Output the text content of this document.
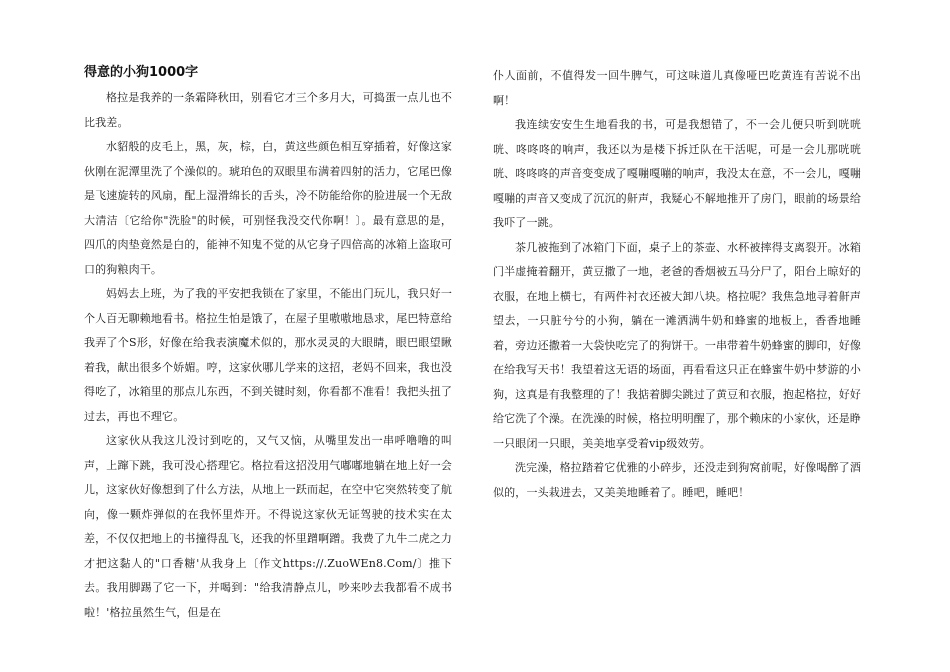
得意的小狗1000字

格拉是我养的一条霜降秋田，别看它才三个多月大，可捣蛋一点儿也不比我差。

水貂般的皮毛上，黑，灰，棕，白，黄这些颜色相互穿插着，好像这家伙刚在泥潭里洗了个澡似的。琥珀色的双眼里布满着四射的活力，它尾巴像是飞速旋转的风扇，配上湿滑绵长的舌头，冷不防能给你的脸进展一个无敌大清洁〔它给你"洗脸"的时候，可别怪我没交代你啊！〕。最有意思的是，四爪的肉垫竟然是白的，能神不知鬼不觉的从它身子四倍高的冰箱上盗取可口的狗粮肉干。

妈妈去上班，为了我的平安把我锁在了家里，不能出门玩儿，我只好一个人百无聊赖地看书。格拉生怕是饿了，在屋子里嗷嗷地恳求，尾巴特意给我弄了个S形，好像在给我表演魔术似的，那水灵灵的大眼睛，眼巴眼望瞅着我，献出很多个娇媚。哼，这家伙哪儿学来的这招，老妈不回来，我也没得吃了，冰箱里的那点儿东西，不到关键时刻，你看都不准看！我把头扭了过去，再也不理它。

这家伙从我这儿没讨到吃的，又气又恼，从嘴里发出一串呼噜噜的叫声，上蹿下跳，我可没心搭理它。格拉看这招没用气嘟嘟地躺在地上好一会儿，这家伙好像想到了什么方法，从地上一跃而起，在空中它突然转变了航向，像一颗炸弹似的在我怀里炸开。不得说这家伙无证驾驶的技术实在太差，不仅仅把地上的书撞得乱飞，还我的怀里蹭啊蹭。我费了九牛二虎之力才把这黏人的"口香糖'从我身上〔作文https://.ZuoWEn8.Com/〕推下去。我用脚踢了它一下，并喝到："给我清静点儿，吵来吵去我都看不成书啦！'格拉虽然生气，但是在

仆人面前，不值得发一回牛脾气，可这味道儿真像哑巴吃黄连有苦说不出啊！

我连续安安生生地看我的书，可是我想错了，不一会儿便只听到咣咣咣、咚咚咚的响声，我还以为是楼下拆迁队在干活呢，可是一会儿那咣咣咣、咚咚咚的声音变变成了嘎嘣嘎嘣的响声，我没太在意，不一会儿，嘎嘣嘎嘣的声音又变成了沉沉的鼾声，我疑心不解地推开了房门，眼前的场景给我吓了一跳。

茶几被拖到了冰箱门下面，桌子上的茶壶、水杯被摔得支离裂开。冰箱门半虚掩着翻开，黄豆撒了一地，老爸的香烟被五马分尸了，阳台上晾好的衣服，在地上横七，有两件衬衣还被大卸八块。格拉呢？我焦急地寻着鼾声望去，一只脏兮兮的小狗，躺在一滩洒满牛奶和蜂蜜的地板上，香香地睡着，旁边还撒着一大袋快吃完了的狗饼干。一串带着牛奶蜂蜜的脚印，好像在给我写天书！我望着这无语的场面，再看看这只正在蜂蜜牛奶中梦游的小狗，这真是有我整理的了！我掂着脚尖跳过了黄豆和衣服，抱起格拉，好好给它洗了个澡。在洗澡的时候，格拉明明醒了，那个赖床的小家伙，还是睁一只眼闭一只眼，美美地享受着vip级效劳。

洗完澡，格拉踏着它优雅的小碎步，还没走到狗窝前呢，好像喝醉了酒似的，一头栽进去，又美美地睡着了。睡吧，睡吧！
